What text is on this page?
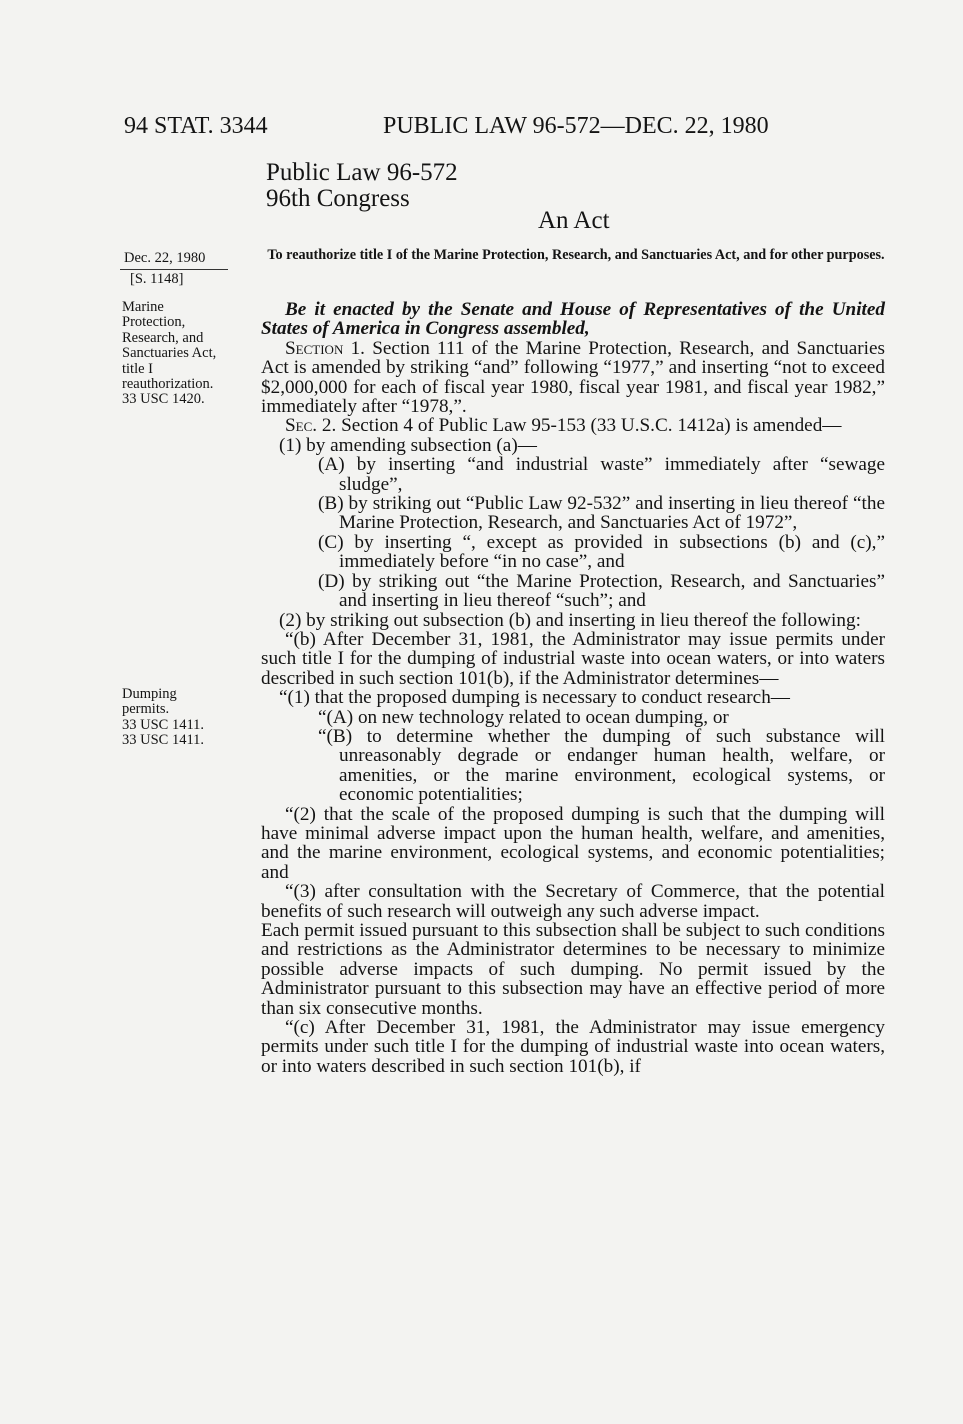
94 STAT. 3344	PUBLIC LAW 96-572—DEC. 22, 1980
Public Law 96-572
96th Congress
An Act
Dec. 22, 1980
[S. 1148]
To reauthorize title I of the Marine Protection, Research, and Sanctuaries Act, and for other purposes.
Marine
Protection,
Research, and
Sanctuaries Act,
title I
reauthorization.
33 USC 1420.
Dumping
permits.
33 USC 1411.
33 USC 1411.

Be it enacted by the Senate and House of Representatives of the United States of America in Congress assembled,

Section 1. Section 111 of the Marine Protection, Research, and Sanctuaries Act is amended by striking “and” following “1977,” and inserting “not to exceed $2,000,000 for each of fiscal year 1980, fiscal year 1981, and fiscal year 1982,” immediately after “1978,”.

Sec. 2. Section 4 of Public Law 95-153 (33 U.S.C. 1412a) is amended—

(1) by amending subsection (a)—

(A) by inserting “and industrial waste” immediately after “sewage sludge”,

(B) by striking out “Public Law 92-532” and inserting in lieu thereof “the Marine Protection, Research, and Sanctuaries Act of 1972”,

(C) by inserting “, except as provided in subsections (b) and (c),” immediately before “in no case”, and

(D) by striking out “the Marine Protection, Research, and Sanctuaries” and inserting in lieu thereof “such”; and

(2) by striking out subsection (b) and inserting in lieu thereof the following:

“(b) After December 31, 1981, the Administrator may issue permits under such title I for the dumping of industrial waste into ocean waters, or into waters described in such section 101(b), if the Administrator determines—

“(1) that the proposed dumping is necessary to conduct research—

“(A) on new technology related to ocean dumping, or

“(B) to determine whether the dumping of such substance will unreasonably degrade or endanger human health, welfare, or amenities, or the marine environment, ecological systems, or economic potentialities;

“(2) that the scale of the proposed dumping is such that the dumping will have minimal adverse impact upon the human health, welfare, and amenities, and the marine environment, ecological systems, and economic potentialities; and

“(3) after consultation with the Secretary of Commerce, that the potential benefits of such research will outweigh any such adverse impact.

Each permit issued pursuant to this subsection shall be subject to such conditions and restrictions as the Administrator determines to be necessary to minimize possible adverse impacts of such dumping. No permit issued by the Administrator pursuant to this subsection may have an effective period of more than six consecutive months.

“(c) After December 31, 1981, the Administrator may issue emergency permits under such title I for the dumping of industrial waste into ocean waters, or into waters described in such section 101(b), if
